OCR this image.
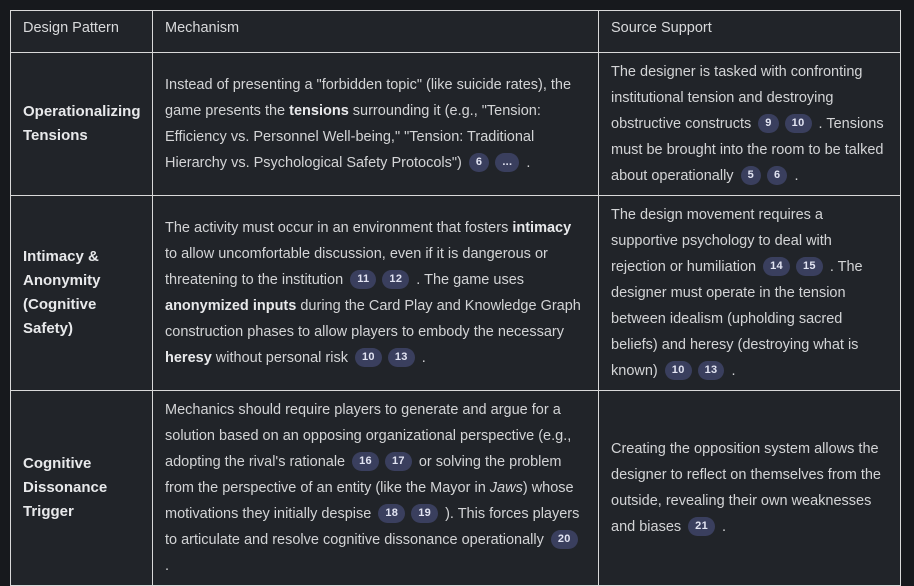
Design Pattern	Mechanism	Source Support
Operationalizing Tensions	Instead of presenting a "forbidden topic" (like suicide rates), the game presents the tensions surrounding it (e.g., "Tension: Efficiency vs. Personnel Well-being," "Tension: Traditional Hierarchy vs. Psychological Safety Protocols") 6 ... .	The designer is tasked with confronting institutional tension and destroying obstructive constructs 9 10 . Tensions must be brought into the room to be talked about operationally 5 6 .
Intimacy & Anonymity (Cognitive Safety)	The activity must occur in an environment that fosters intimacy to allow uncomfortable discussion, even if it is dangerous or threatening to the institution 11 12 . The game uses anonymized inputs during the Card Play and Knowledge Graph construction phases to allow players to embody the necessary heresy without personal risk 10 13 .	The design movement requires a supportive psychology to deal with rejection or humiliation 14 15 . The designer must operate in the tension between idealism (upholding sacred beliefs) and heresy (destroying what is known) 10 13 .
Cognitive Dissonance Trigger	Mechanics should require players to generate and argue for a solution based on an opposing organizational perspective (e.g., adopting the rival's rationale 16 17 or solving the problem from the perspective of an entity (like the Mayor in Jaws) whose motivations they initially despise 18 19 ). This forces players to articulate and resolve cognitive dissonance operationally 20 .	Creating the opposition system allows the designer to reflect on themselves from the outside, revealing their own weaknesses and biases 21 .
